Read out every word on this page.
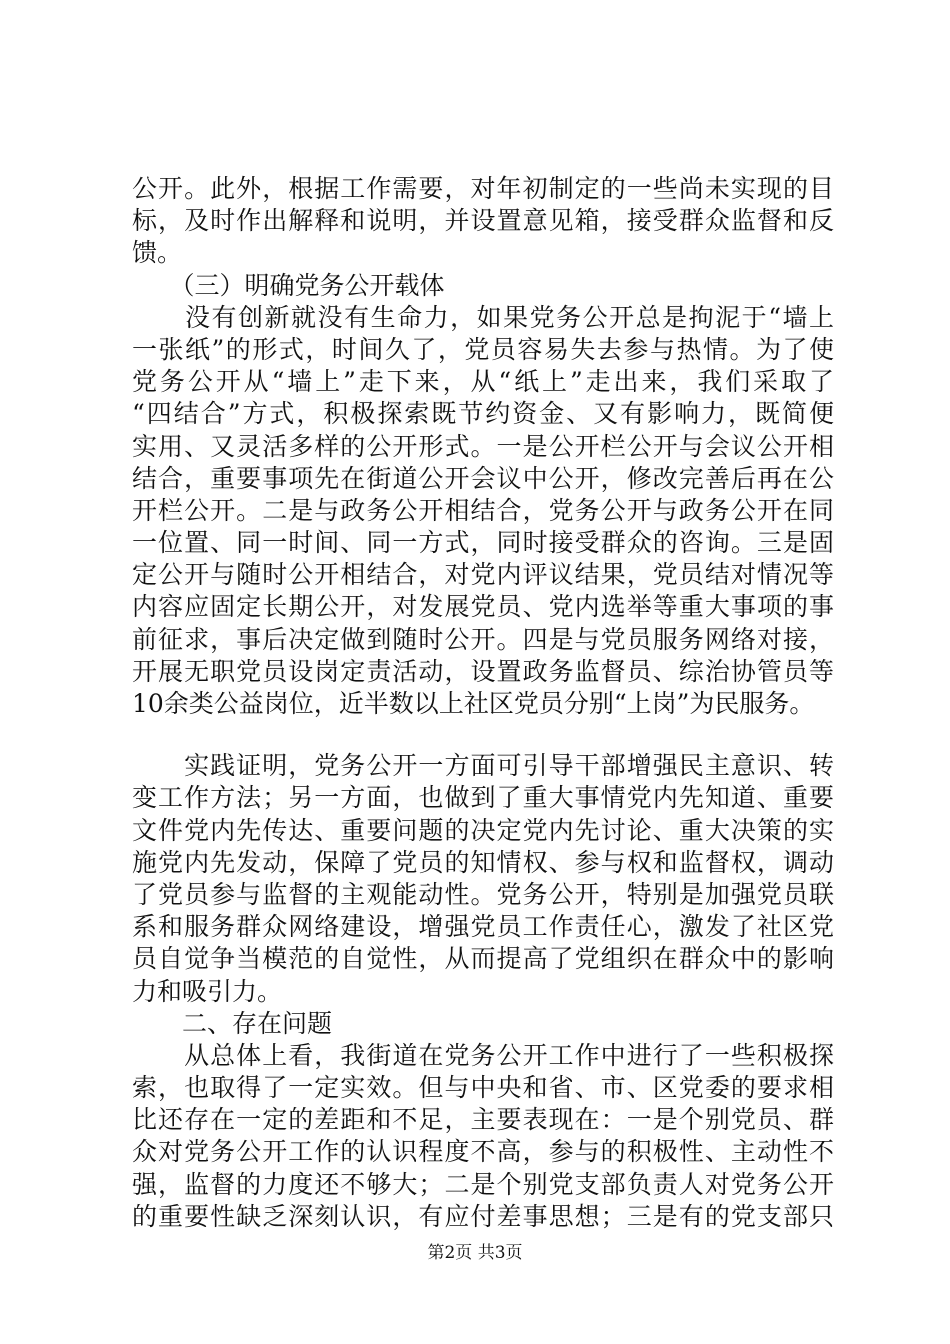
公开。此外，根据工作需要，对年初制定的一些尚未实现的目
标，及时作出解释和说明，并设置意见箱，接受群众监督和反
馈。
　　（三）明确党务公开载体
　　没有创新就没有生命力，如果党务公开总是拘泥于“墙上
一张纸”的形式，时间久了，党员容易失去参与热情。为了使
党务公开从“墙上”走下来，从“纸上”走出来，我们采取了
“四结合”方式，积极探索既节约资金、又有影响力，既简便
实用、又灵活多样的公开形式。一是公开栏公开与会议公开相
结合，重要事项先在街道公开会议中公开，修改完善后再在公
开栏公开。二是与政务公开相结合，党务公开与政务公开在同
一位置、同一时间、同一方式，同时接受群众的咨询。三是固
定公开与随时公开相结合，对党内评议结果，党员结对情况等
内容应固定长期公开，对发展党员、党内选举等重大事项的事
前征求，事后决定做到随时公开。四是与党员服务网络对接，
开展无职党员设岗定责活动，设置政务监督员、综治协管员等
10余类公益岗位，近半数以上社区党员分别“上岗”为民服务。
　　实践证明，党务公开一方面可引导干部增强民主意识、转
变工作方法；另一方面，也做到了重大事情党内先知道、重要
文件党内先传达、重要问题的决定党内先讨论、重大决策的实
施党内先发动，保障了党员的知情权、参与权和监督权，调动
了党员参与监督的主观能动性。党务公开，特别是加强党员联
系和服务群众网络建设，增强党员工作责任心，激发了社区党
员自觉争当模范的自觉性，从而提高了党组织在群众中的影响
力和吸引力。
　　二、存在问题
　　从总体上看，我街道在党务公开工作中进行了一些积极探
索，也取得了一定实效。但与中央和省、市、区党委的要求相
比还存在一定的差距和不足，主要表现在：一是个别党员、群
众对党务公开工作的认识程度不高，参与的积极性、主动性不
强，监督的力度还不够大；二是个别党支部负责人对党务公开
的重要性缺乏深刻认识，有应付差事思想；三是有的党支部只
第2页 共3页
